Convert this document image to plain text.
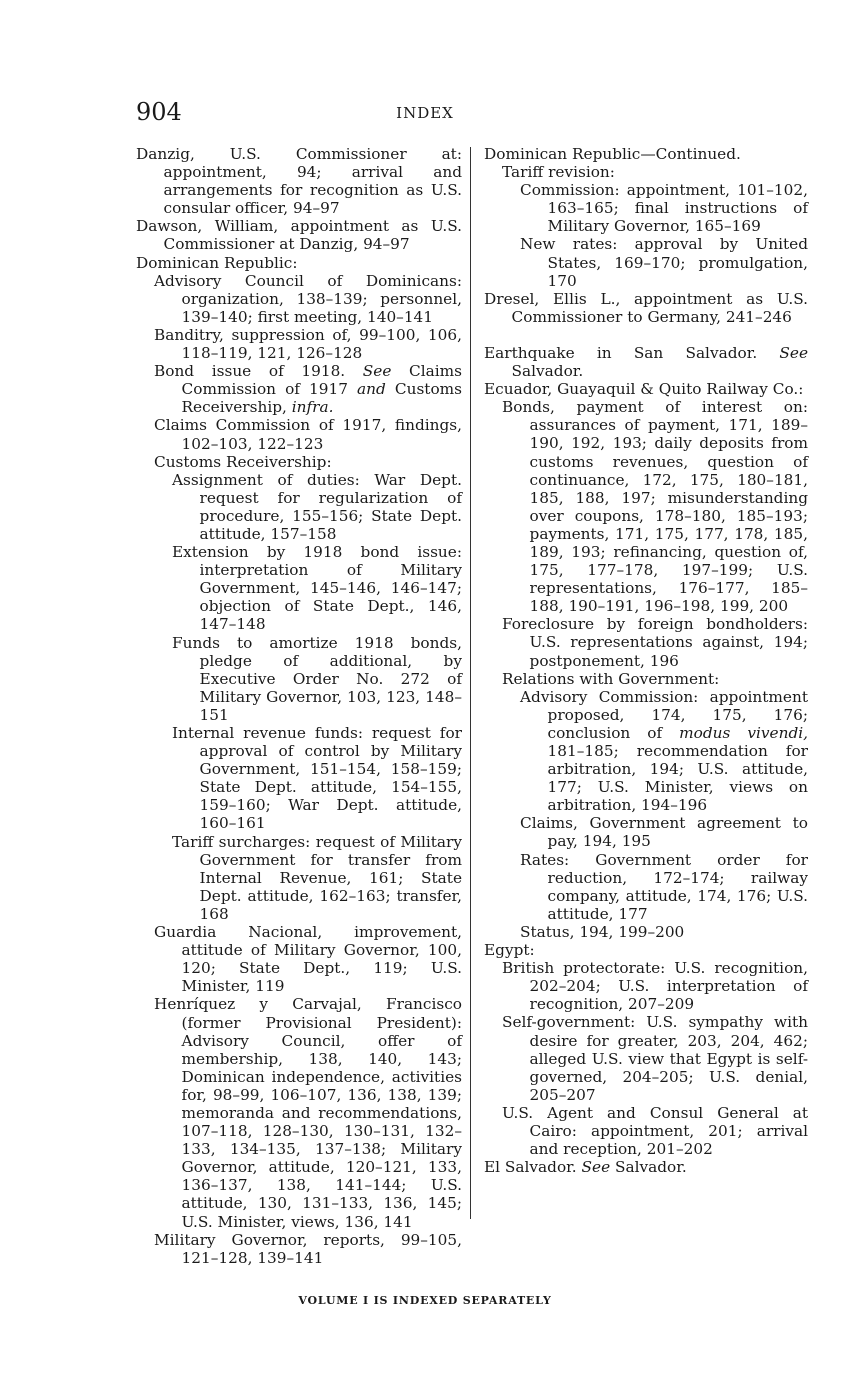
904	INDEX
Danzig, U.S. Commissioner at: appointment, 94; arrival and arrangements for recognition as U.S. consular officer, 94–97
Dawson, William, appointment as U.S. Commissioner at Danzig, 94–97
Dominican Republic:
Advisory Council of Dominicans: organization, 138–139; personnel, 139–140; first meeting, 140–141
Banditry, suppression of, 99–100, 106, 118–119, 121, 126–128
Bond issue of 1918. See Claims Commission of 1917 and Customs Receivership, infra.
Claims Commission of 1917, findings, 102–103, 122–123
Customs Receivership:
Assignment of duties: War Dept. request for regularization of procedure, 155–156; State Dept. attitude, 157–158
Extension by 1918 bond issue: interpretation of Military Government, 145–146, 146–147; objection of State Dept., 146, 147–148
Funds to amortize 1918 bonds, pledge of additional, by Executive Order No. 272 of Military Governor, 103, 123, 148–151
Internal revenue funds: request for approval of control by Military Government, 151–154, 158–159; State Dept. attitude, 154–155, 159–160; War Dept. attitude, 160–161
Tariff surcharges: request of Military Government for transfer from Internal Revenue, 161; State Dept. attitude, 162–163; transfer, 168
Guardia Nacional, improvement, attitude of Military Governor, 100, 120; State Dept., 119; U.S. Minister, 119
Henríquez y Carvajal, Francisco (former Provisional President): Advisory Council, offer of membership, 138, 140, 143; Dominican independence, activities for, 98–99, 106–107, 136, 138, 139; memoranda and recommendations, 107–118, 128–130, 130–131, 132–133, 134–135, 137–138; Military Governor, attitude, 120–121, 133, 136–137, 138, 141–144; U.S. attitude, 130, 131–133, 136, 145; U.S. Minister, views, 136, 141
Military Governor, reports, 99–105, 121–128, 139–141
Dominican Republic—Continued.
Tariff revision:
Commission: appointment, 101–102, 163–165; final instructions of Military Governor, 165–169
New rates: approval by United States, 169–170; promulgation, 170
Dresel, Ellis L., appointment as U.S. Commissioner to Germany, 241–246
Earthquake in San Salvador. See Salvador.
Ecuador, Guayaquil & Quito Railway Co.:
Bonds, payment of interest on: assurances of payment, 171, 189–190, 192, 193; daily deposits from customs revenues, question of continuance, 172, 175, 180–181, 185, 188, 197; misunderstanding over coupons, 178–180, 185–193; payments, 171, 175, 177, 178, 185, 189, 193; refinancing, question of, 175, 177–178, 197–199; U.S. representations, 176–177, 185–188, 190–191, 196–198, 199, 200
Foreclosure by foreign bondholders: U.S. representations against, 194; postponement, 196
Relations with Government:
Advisory Commission: appointment proposed, 174, 175, 176; conclusion of modus vivendi, 181–185; recommendation for arbitration, 194; U.S. attitude, 177; U.S. Minister, views on arbitration, 194–196
Claims, Government agreement to pay, 194, 195
Rates: Government order for reduction, 172–174; railway company, attitude, 174, 176; U.S. attitude, 177
Status, 194, 199–200
Egypt:
British protectorate: U.S. recognition, 202–204; U.S. interpretation of recognition, 207–209
Self-government: U.S. sympathy with desire for greater, 203, 204, 462; alleged U.S. view that Egypt is self-governed, 204–205; U.S. denial, 205–207
U.S. Agent and Consul General at Cairo: appointment, 201; arrival and reception, 201–202
El Salvador. See Salvador.
VOLUME I IS INDEXED SEPARATELY
